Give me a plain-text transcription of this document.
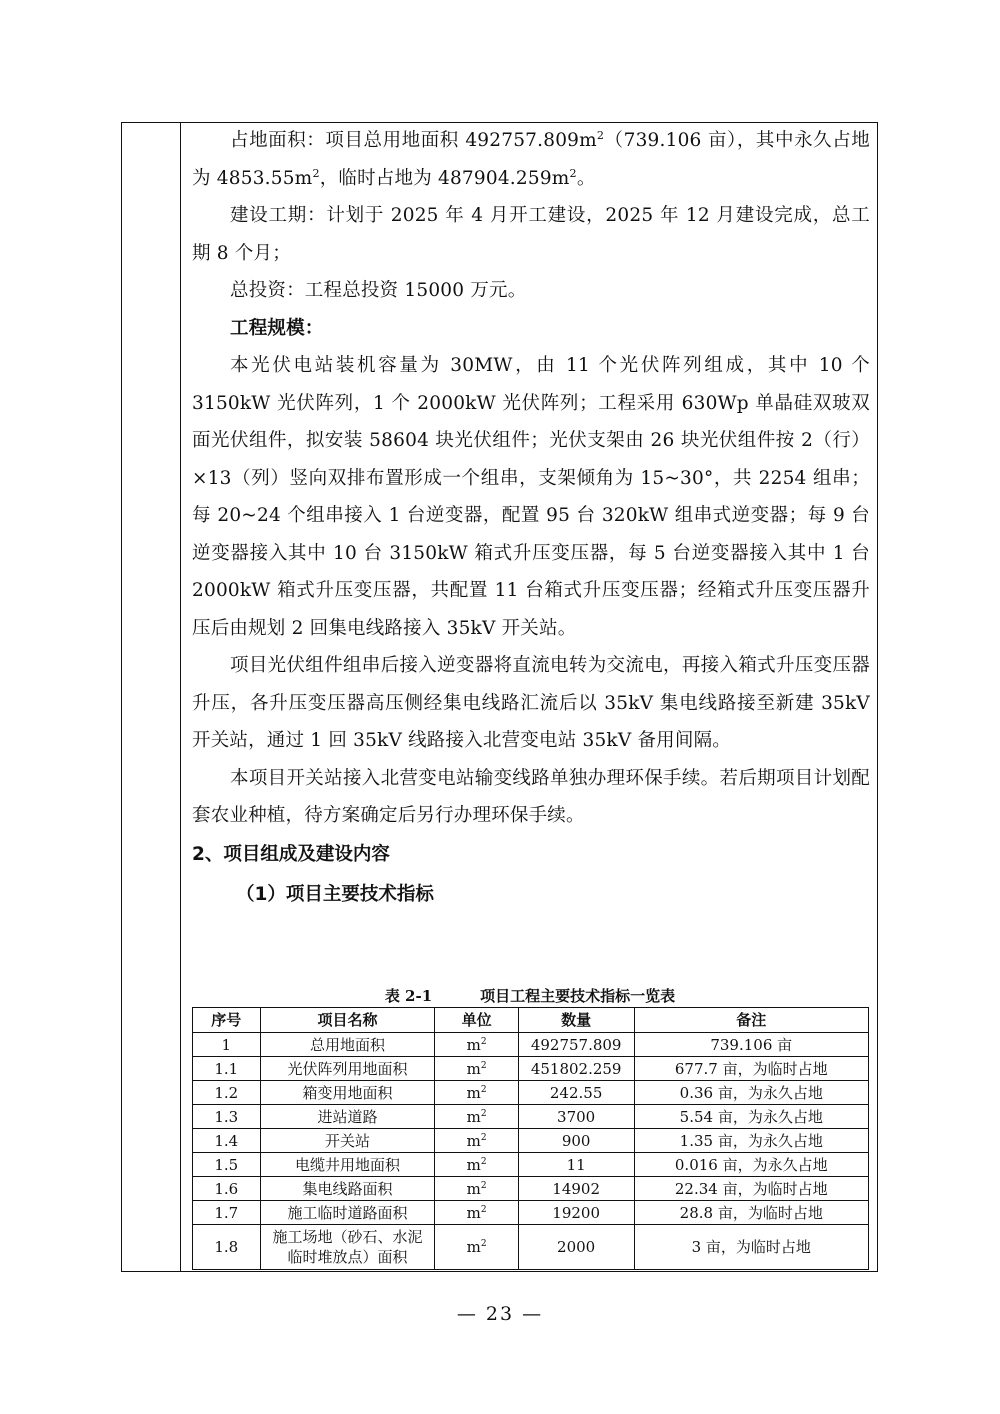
占地面积：项目总用地面积 $492757.809m^2(739.106$ 亩），其中永久占地为 $4853.55m^2$，临时占地为 $487904.259m^2$。

建设工期：计划于 2025 年 4 月开工建设，2025 年 12 月建设完成，总工期 8 个月；

总投资：工程总投资 15000 万元。

工程规模：

本光伏电站装机容量为 30MW，由 11 个光伏阵列组成，其中 10 个 3150kW 光伏阵列，1 个 2000kW 光伏阵列；工程采用 630Wp 单晶硅双玻双面光伏组件，拟安装 58604 块光伏组件；光伏支架由 26 块光伏组件按 2（行）×13（列）竖向双排布置形成一个组串，支架倾角为 15~30°，共 2254 组串；每 20~24 个组串接入 1 台逆变器，配置 95 台 320kW 组串式逆变器；每 9 台逆变器接入其中 10 台 3150kW 箱式升压变压器，每 5 台逆变器接入其中 1 台 2000kW 箱式升压变压器，共配置 11 台箱式升压变压器；经箱式升压变压器升压后由规划 2 回集电线路接入 35kV 开关站。

项目光伏组件组串后接入逆变器将直流电转为交流电，再接入箱式升压变压器升压，各升压变压器高压侧经集电线路汇流后以 35kV 集电线路接至新建 35kV 开关站，通过 1 回 35kV 线路接入北营变电站 35kV 备用间隔。

本项目开关站接入北营变电站输变线路单独办理环保手续。若后期项目计划配套农业种植，待方案确定后另行办理环保手续。

2、项目组成及建设内容

（1）项目主要技术指标

表 2-1	项目工程主要技术指标一览表
序号	项目名称	单位	数量	备注
1	总用地面积	$m^2$	492757.809	739.106 亩
1.1	光伏阵列用地面积	$m^2$	451802.259	677.7 亩，为临时占地
1.2	箱变用地面积	$m^2$	242.55	0.36 亩，为永久占地
1.3	进站道路	$m^2$	3700	5.54 亩，为永久占地
1.4	开关站	$m^2$	900	1.35 亩，为永久占地
1.5	电缆井用地面积	$m^2$	11	0.016 亩，为永久占地
1.6	集电线路面积	$m^2$	14902	22.34 亩，为临时占地
1.7	施工临时道路面积	$m^2$	19200	28.8 亩，为临时占地
1.8	施工场地（砂石、水泥临时堆放点）面积	$m^2$	2000	3 亩，为临时占地
— 23 —
